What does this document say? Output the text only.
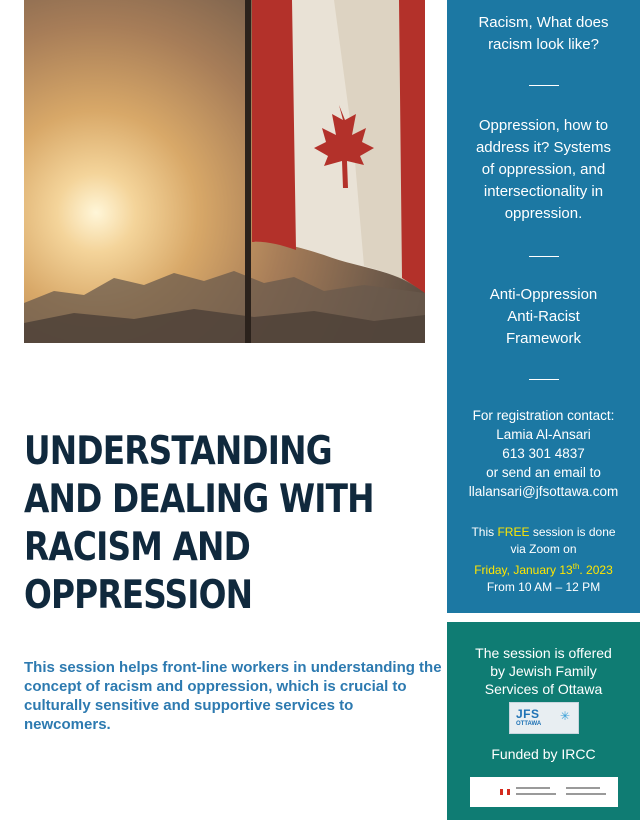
UNDERSTANDING
AND DEALING WITH
RACISM AND
OPPRESSION

This session helps front-line workers in understanding the concept of racism and oppression, which is crucial to culturally sensitive and supportive services to newcomers.

Racism, What does
racism look like?
Oppression, how to
address it? Systems
of oppression, and
intersectionality in
oppression.
Anti-Oppression
Anti-Racist
Framework
For registration contact:
Lamia Al-Ansari
613 301 4837
or send an email to
llalansari@jfsottawa.com
This FREE session is done
via Zoom on
Friday, January 13th. 2023
From 10 AM – 12 PM
The session is offered
by Jewish Family
Services of Ottawa
JFS
OTTAWA
✳
Funded by IRCC
